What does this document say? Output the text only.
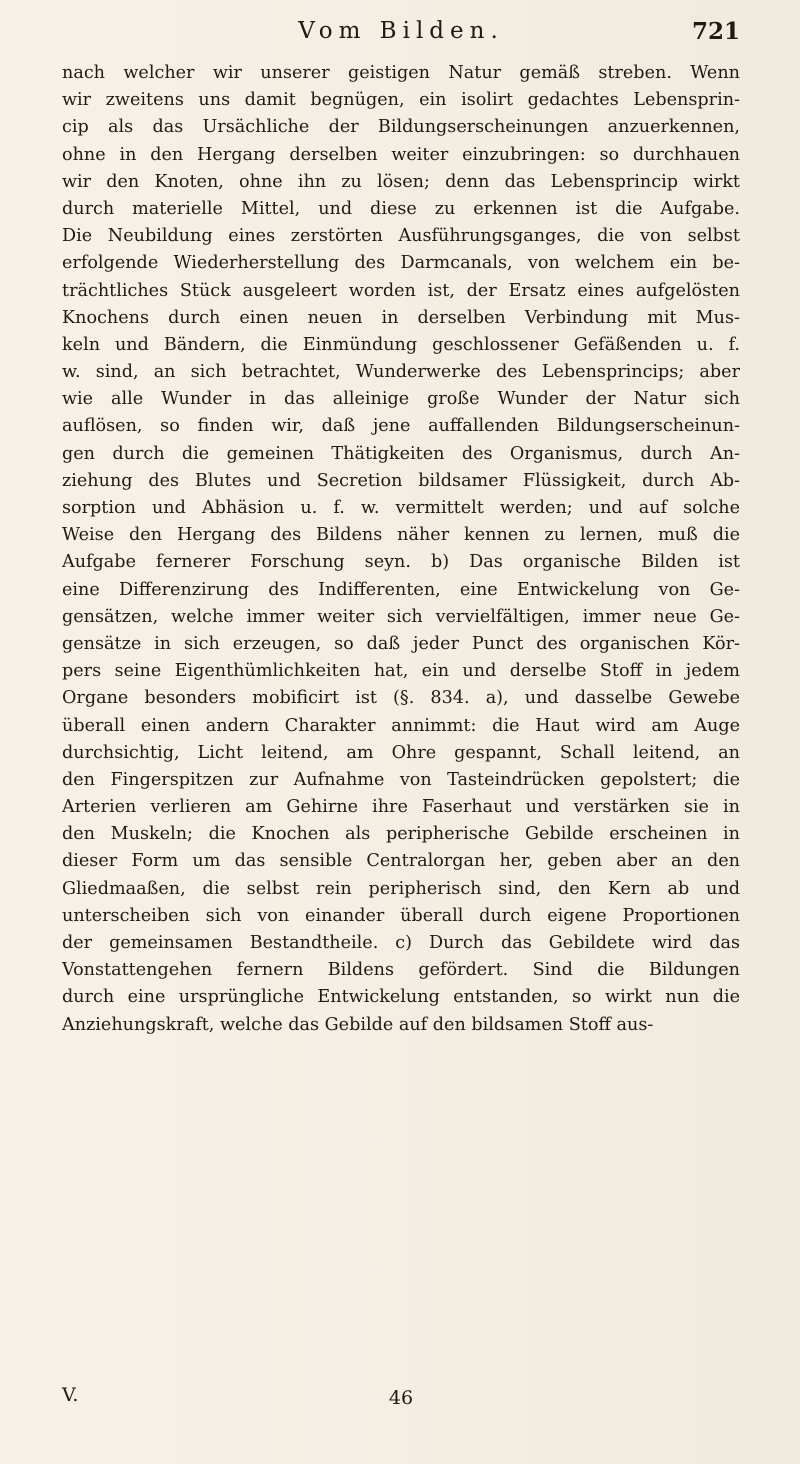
Vom Bilden.	721
nach welcher wir unserer geistigen Natur gemäß streben. Wenn
wir zweitens uns damit begnügen, ein isolirt gedachtes Lebensprin-
cip als das Ursächliche der Bildungserscheinungen anzuerkennen,
ohne in den Hergang derselben weiter einzubringen: so durchhauen
wir den Knoten, ohne ihn zu lösen; denn das Lebensprincip wirkt
durch materielle Mittel, und diese zu erkennen ist die Aufgabe.
Die Neubildung eines zerstörten Ausführungsganges, die von selbst
erfolgende Wiederherstellung des Darmcanals, von welchem ein be-
trächtliches Stück ausgeleert worden ist, der Ersatz eines aufgelösten
Knochens durch einen neuen in derselben Verbindung mit Mus-
keln und Bändern, die Einmündung geschlossener Gefäßenden u. f.
w. sind, an sich betrachtet, Wunderwerke des Lebensprincips; aber
wie alle Wunder in das alleinige große Wunder der Natur sich
auflösen, so finden wir, daß jene auffallenden Bildungserscheinun-
gen durch die gemeinen Thätigkeiten des Organismus, durch An-
ziehung des Blutes und Secretion bildsamer Flüssigkeit, durch Ab-
sorption und Abhäsion u. f. w. vermittelt werden; und auf solche
Weise den Hergang des Bildens näher kennen zu lernen, muß die
Aufgabe fernerer Forschung seyn. b) Das organische Bilden ist
eine Differenzirung des Indifferenten, eine Entwickelung von Ge-
gensätzen, welche immer weiter sich vervielfältigen, immer neue Ge-
gensätze in sich erzeugen, so daß jeder Punct des organischen Kör-
pers seine Eigenthümlichkeiten hat, ein und derselbe Stoff in jedem
Organe besonders mobificirt ist (§. 834. a), und dasselbe Gewebe
überall einen andern Charakter annimmt: die Haut wird am Auge
durchsichtig, Licht leitend, am Ohre gespannt, Schall leitend, an
den Fingerspitzen zur Aufnahme von Tasteindrücken gepolstert; die
Arterien verlieren am Gehirne ihre Faserhaut und verstärken sie in
den Muskeln; die Knochen als peripherische Gebilde erscheinen in
dieser Form um das sensible Centralorgan her, geben aber an den
Gliedmaaßen, die selbst rein peripherisch sind, den Kern ab und
unterscheiben sich von einander überall durch eigene Proportionen
der gemeinsamen Bestandtheile. c) Durch das Gebildete wird das
Vonstattengehen fernern Bildens gefördert. Sind die Bildungen
durch eine ursprüngliche Entwickelung entstanden, so wirkt nun die
Anziehungskraft, welche das Gebilde auf den bildsamen Stoff aus-
V.	46
